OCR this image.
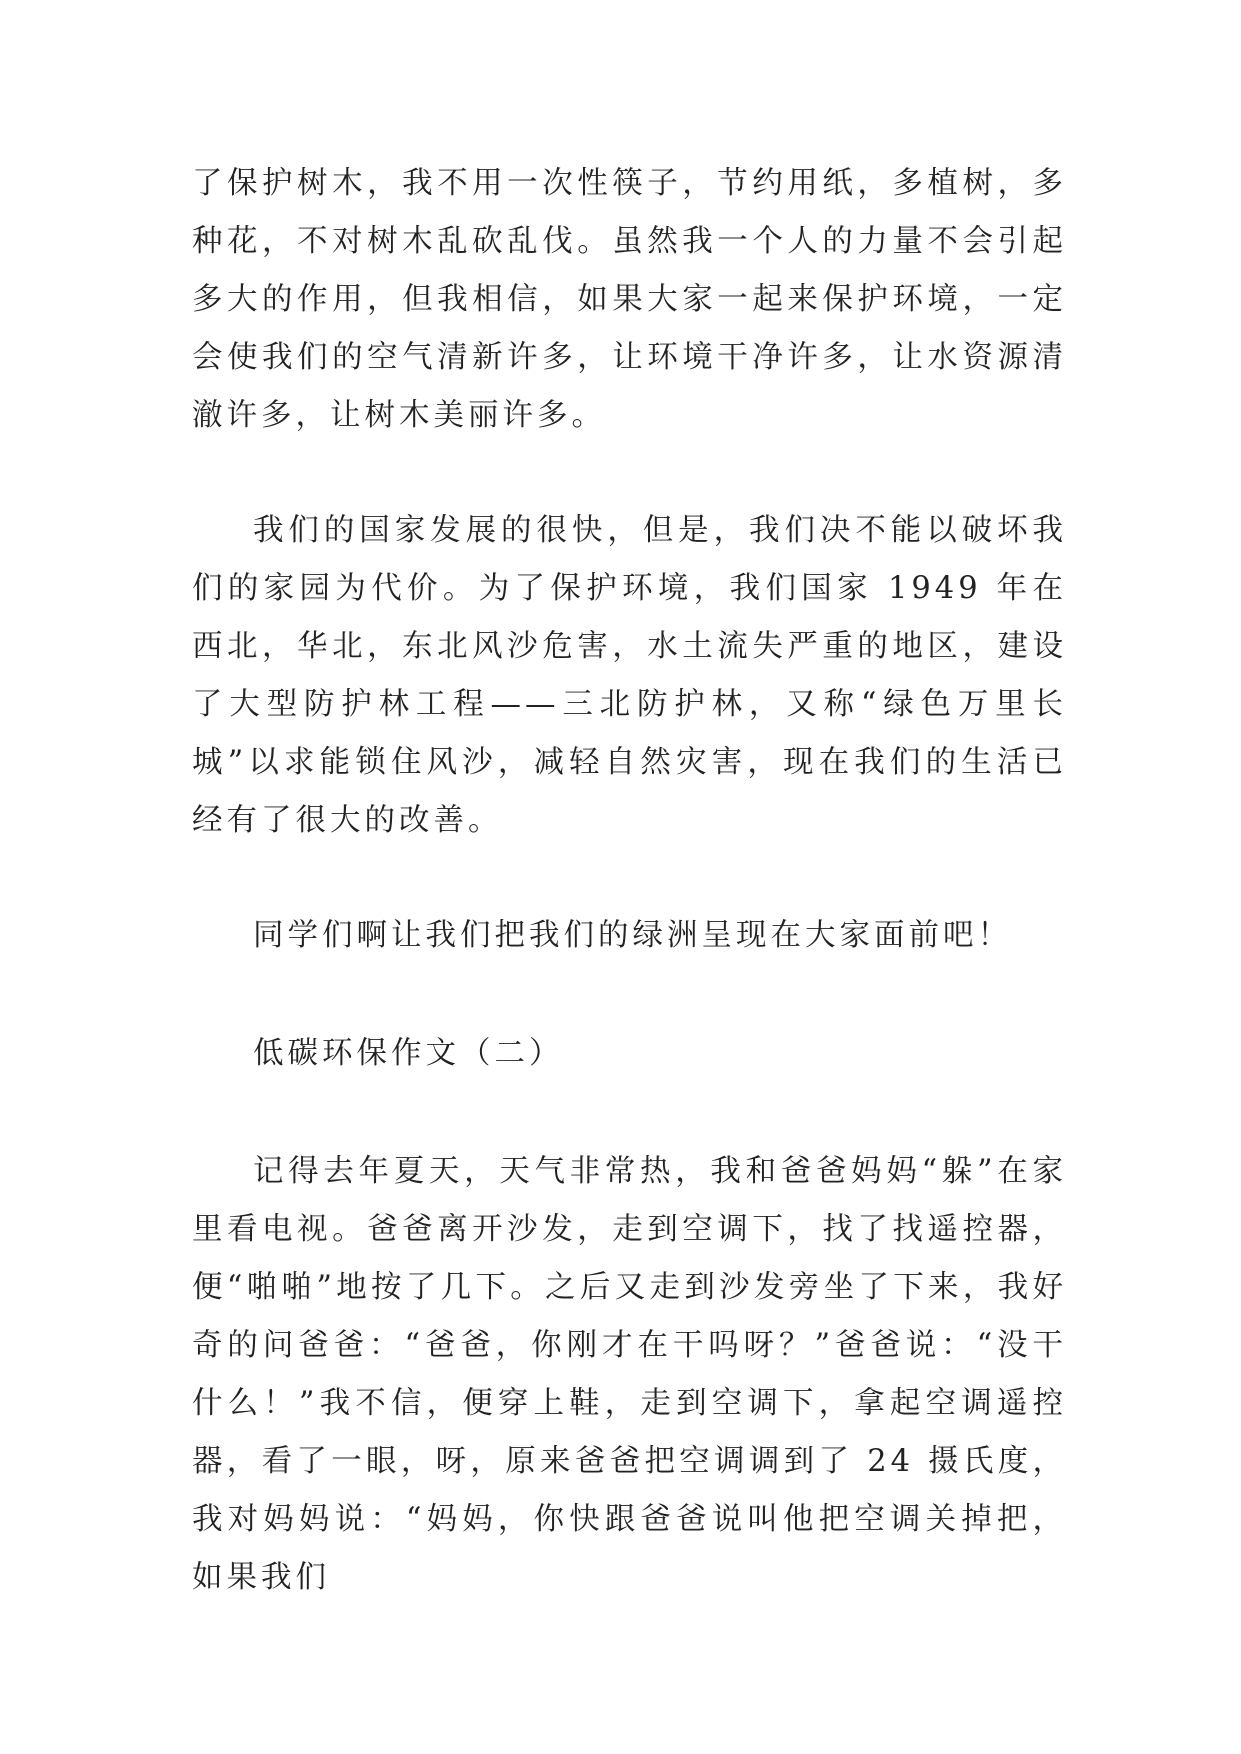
了保护树木，我不用一次性筷子，节约用纸，多植树，多种花，不对树木乱砍乱伐。虽然我一个人的力量不会引起多大的作用，但我相信，如果大家一起来保护环境，一定会使我们的空气清新许多，让环境干净许多，让水资源清澈许多，让树木美丽许多。

我们的国家发展的很快，但是，我们决不能以破坏我们的家园为代价。为了保护环境，我们国家 1949 年在西北，华北，东北风沙危害，水土流失严重的地区，建设了大型防护林工程——三北防护林，又称“绿色万里长城”以求能锁住风沙，减轻自然灾害，现在我们的生活已经有了很大的改善。

同学们啊让我们把我们的绿洲呈现在大家面前吧！

低碳环保作文（二）

记得去年夏天，天气非常热，我和爸爸妈妈“躲”在家里看电视。爸爸离开沙发，走到空调下，找了找遥控器，便“啪啪”地按了几下。之后又走到沙发旁坐了下来，我好奇的问爸爸：“爸爸，你刚才在干吗呀？”爸爸说：“没干什么！”我不信，便穿上鞋，走到空调下，拿起空调遥控器，看了一眼，呀，原来爸爸把空调调到了 24 摄氏度，我对妈妈说：“妈妈，你快跟爸爸说叫他把空调关掉把，如果我们
